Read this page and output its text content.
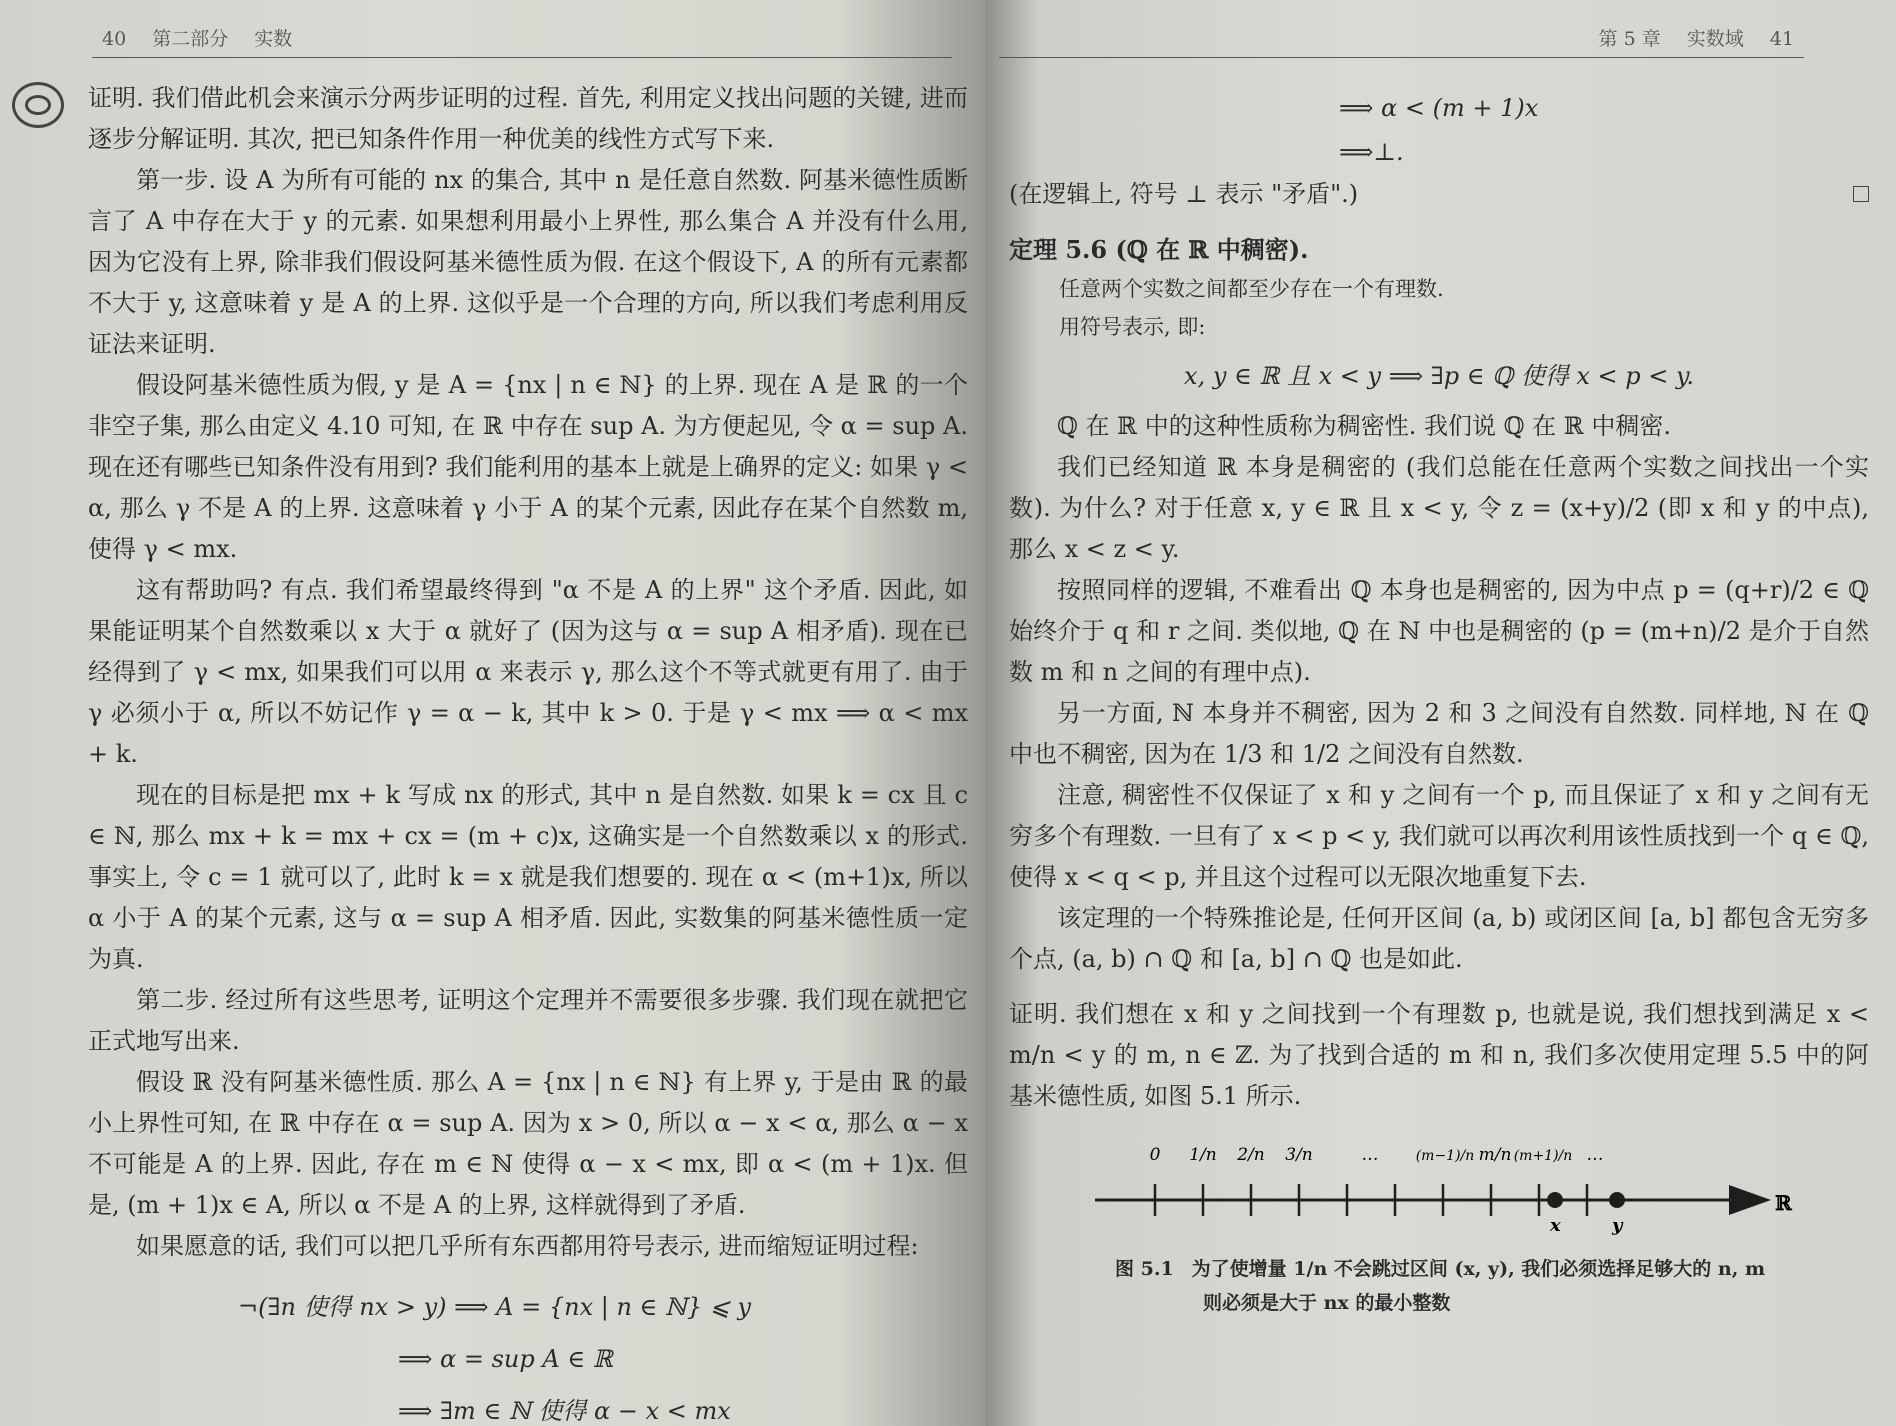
40 第二部分 实数

证明. 我们借此机会来演示分两步证明的过程. 首先, 利用定义找出问题的关键, 进而逐步分解证明. 其次, 把已知条件作用一种优美的线性方式写下来.

第一步. 设 A 为所有可能的 nx 的集合, 其中 n 是任意自然数. 阿基米德性质断言了 A 中存在大于 y 的元素. 如果想利用最小上界性, 那么集合 A 并没有什么用, 因为它没有上界, 除非我们假设阿基米德性质为假. 在这个假设下, A 的所有元素都不大于 y, 这意味着 y 是 A 的上界. 这似乎是一个合理的方向, 所以我们考虑利用反证法来证明.

假设阿基米德性质为假, y 是 A = {nx | n ∈ ℕ} 的上界. 现在 A 是 ℝ 的一个非空子集, 那么由定义 4.10 可知, 在 ℝ 中存在 sup A. 为方便起见, 令 α = sup A. 现在还有哪些已知条件没有用到? 我们能利用的基本上就是上确界的定义: 如果 γ < α, 那么 γ 不是 A 的上界. 这意味着 γ 小于 A 的某个元素, 因此存在某个自然数 m, 使得 γ < mx.

这有帮助吗? 有点. 我们希望最终得到 "α 不是 A 的上界" 这个矛盾. 因此, 如果能证明某个自然数乘以 x 大于 α 就好了 (因为这与 α = sup A 相矛盾). 现在已经得到了 γ < mx, 如果我们可以用 α 来表示 γ, 那么这个不等式就更有用了. 由于 γ 必须小于 α, 所以不妨记作 γ = α − k, 其中 k > 0. 于是 γ < mx ⟹ α < mx + k.

现在的目标是把 mx + k 写成 nx 的形式, 其中 n 是自然数. 如果 k = cx 且 c ∈ ℕ, 那么 mx + k = mx + cx = (m + c)x, 这确实是一个自然数乘以 x 的形式. 事实上, 令 c = 1 就可以了, 此时 k = x 就是我们想要的. 现在 α < (m+1)x, 所以 α 小于 A 的某个元素, 这与 α = sup A 相矛盾. 因此, 实数集的阿基米德性质一定为真.

第二步. 经过所有这些思考, 证明这个定理并不需要很多步骤. 我们现在就把它正式地写出来.

假设 ℝ 没有阿基米德性质. 那么 A = {nx | n ∈ ℕ} 有上界 y, 于是由 ℝ 的最小上界性可知, 在 ℝ 中存在 α = sup A. 因为 x > 0, 所以 α − x < α, 那么 α − x 不可能是 A 的上界. 因此, 存在 m ∈ ℕ 使得 α − x < mx, 即 α < (m + 1)x. 但是, (m + 1)x ∈ A, 所以 α 不是 A 的上界, 这样就得到了矛盾.

如果愿意的话, 我们可以把几乎所有东西都用符号表示, 进而缩短证明过程:

¬(∃n 使得 nx > y) ⟹ A = {nx | n ∈ ℕ} ⩽ y
⟹ α = sup A ∈ ℝ
⟹ ∃m ∈ ℕ 使得 α − x < mx
第 5 章 实数域 41
⟹ α < (m + 1)x
⟹⊥.

(在逻辑上, 符号 ⊥ 表示 "矛盾".)

定理 5.6 (ℚ 在 ℝ 中稠密).

任意两个实数之间都至少存在一个有理数.

用符号表示, 即:

x, y ∈ ℝ 且 x < y ⟹ ∃p ∈ ℚ 使得 x < p < y.

ℚ 在 ℝ 中的这种性质称为稠密性. 我们说 ℚ 在 ℝ 中稠密.

我们已经知道 ℝ 本身是稠密的 (我们总能在任意两个实数之间找出一个实数). 为什么? 对于任意 x, y ∈ ℝ 且 x < y, 令 z = (x+y)/2 (即 x 和 y 的中点), 那么 x < z < y.

按照同样的逻辑, 不难看出 ℚ 本身也是稠密的, 因为中点 p = (q+r)/2 ∈ ℚ 始终介于 q 和 r 之间. 类似地, ℚ 在 ℕ 中也是稠密的 (p = (m+n)/2 是介于自然数 m 和 n 之间的有理中点).

另一方面, ℕ 本身并不稠密, 因为 2 和 3 之间没有自然数. 同样地, ℕ 在 ℚ 中也不稠密, 因为在 1/3 和 1/2 之间没有自然数.

注意, 稠密性不仅保证了 x 和 y 之间有一个 p, 而且保证了 x 和 y 之间有无穷多个有理数. 一旦有了 x < p < y, 我们就可以再次利用该性质找到一个 q ∈ ℚ, 使得 x < q < p, 并且这个过程可以无限次地重复下去.

该定理的一个特殊推论是, 任何开区间 (a, b) 或闭区间 [a, b] 都包含无穷多个点, (a, b) ∩ ℚ 和 [a, b] ∩ ℚ 也是如此.

证明. 我们想在 x 和 y 之间找到一个有理数 p, 也就是说, 我们想找到满足 x < m/n < y 的 m, n ∈ ℤ. 为了找到合适的 m 和 n, 我们多次使用定理 5.5 中的阿基米德性质, 如图 5.1 所示.

0 1/n 2/n 3/n	…	(m−1)/n m/n (m+1)/n …
x	y
ℝ
图 5.1 为了使增量 1/n 不会跳过区间 (x, y), 我们必须选择足够大的 n, m
则必须是大于 nx 的最小整数
